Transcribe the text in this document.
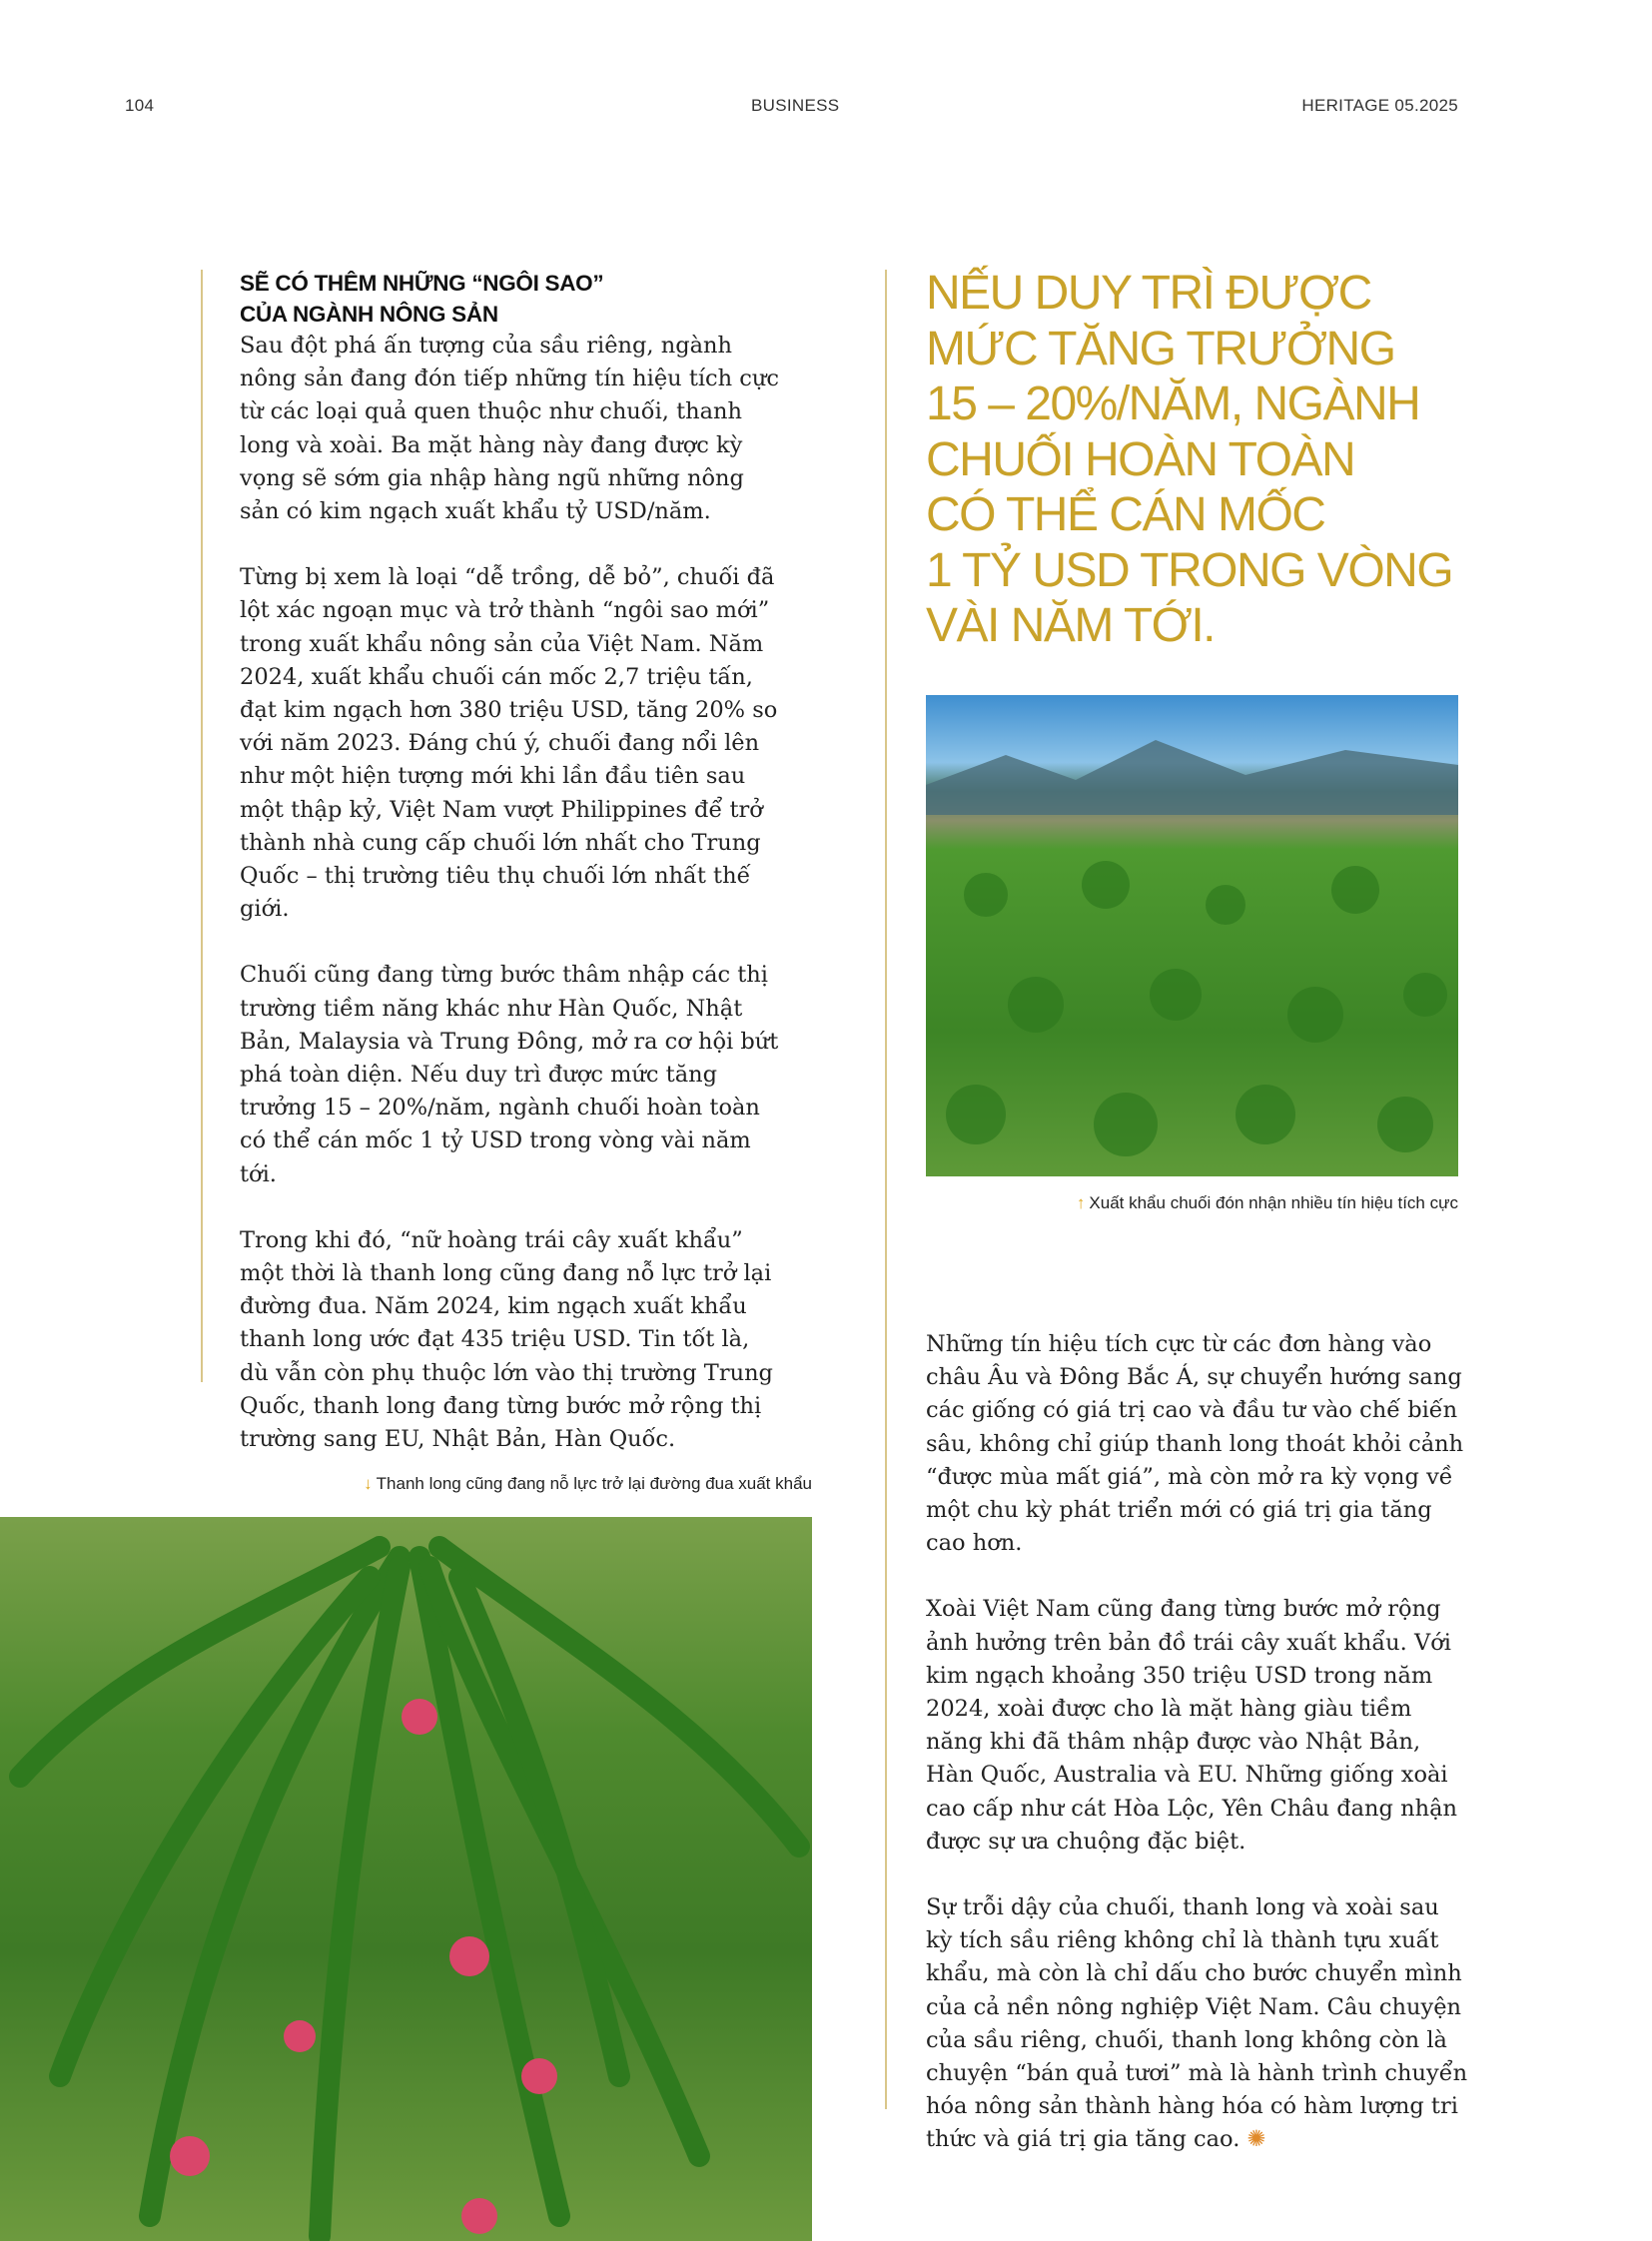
104	BUSINESS	HERITAGE 05.2025
SẼ CÓ THÊM NHỮNG “NGÔI SAO”
CỦA NGÀNH NÔNG SẢN

Sau đột phá ấn tượng của sầu riêng, ngành nông sản đang đón tiếp những tín hiệu tích cực từ các loại quả quen thuộc như chuối, thanh long và xoài. Ba mặt hàng này đang được kỳ vọng sẽ sớm gia nhập hàng ngũ những nông sản có kim ngạch xuất khẩu tỷ USD/năm.

Từng bị xem là loại “dễ trồng, dễ bỏ”, chuối đã lột xác ngoạn mục và trở thành “ngôi sao mới” trong xuất khẩu nông sản của Việt Nam. Năm 2024, xuất khẩu chuối cán mốc 2,7 triệu tấn, đạt kim ngạch hơn 380 triệu USD, tăng 20% so với năm 2023. Đáng chú ý, chuối đang nổi lên như một hiện tượng mới khi lần đầu tiên sau một thập kỷ, Việt Nam vượt Philippines để trở thành nhà cung cấp chuối lớn nhất cho Trung Quốc – thị trường tiêu thụ chuối lớn nhất thế giới.

Chuối cũng đang từng bước thâm nhập các thị trường tiềm năng khác như Hàn Quốc, Nhật Bản, Malaysia và Trung Đông, mở ra cơ hội bứt phá toàn diện. Nếu duy trì được mức tăng trưởng 15 – 20%/năm, ngành chuối hoàn toàn có thể cán mốc 1 tỷ USD trong vòng vài năm tới.

Trong khi đó, “nữ hoàng trái cây xuất khẩu” một thời là thanh long cũng đang nỗ lực trở lại đường đua. Năm 2024, kim ngạch xuất khẩu thanh long ước đạt 435 triệu USD. Tin tốt là, dù vẫn còn phụ thuộc lớn vào thị trường Trung Quốc, thanh long đang từng bước mở rộng thị trường sang EU, Nhật Bản, Hàn Quốc.

↓ Thanh long cũng đang nỗ lực trở lại đường đua xuất khẩu
NẾU DUY TRÌ ĐƯỢC
MỨC TĂNG TRƯỞNG
15 – 20%/NĂM, NGÀNH
CHUỐI HOÀN TOÀN
CÓ THỂ CÁN MỐC
1 TỶ USD TRONG VÒNG
VÀI NĂM TỚI.
↑ Xuất khẩu chuối đón nhận nhiều tín hiệu tích cực

Những tín hiệu tích cực từ các đơn hàng vào châu Âu và Đông Bắc Á, sự chuyển hướng sang các giống có giá trị cao và đầu tư vào chế biến sâu, không chỉ giúp thanh long thoát khỏi cảnh “được mùa mất giá”, mà còn mở ra kỳ vọng về một chu kỳ phát triển mới có giá trị gia tăng cao hơn.

Xoài Việt Nam cũng đang từng bước mở rộng ảnh hưởng trên bản đồ trái cây xuất khẩu. Với kim ngạch khoảng 350 triệu USD trong năm 2024, xoài được cho là mặt hàng giàu tiềm năng khi đã thâm nhập được vào Nhật Bản, Hàn Quốc, Australia và EU. Những giống xoài cao cấp như cát Hòa Lộc, Yên Châu đang nhận được sự ưa chuộng đặc biệt.

Sự trỗi dậy của chuối, thanh long và xoài sau kỳ tích sầu riêng không chỉ là thành tựu xuất khẩu, mà còn là chỉ dấu cho bước chuyển mình của cả nền nông nghiệp Việt Nam. Câu chuyện của sầu riêng, chuối, thanh long không còn là chuyện “bán quả tươi” mà là hành trình chuyển hóa nông sản thành hàng hóa có hàm lượng tri thức và giá trị gia tăng cao. ✺
